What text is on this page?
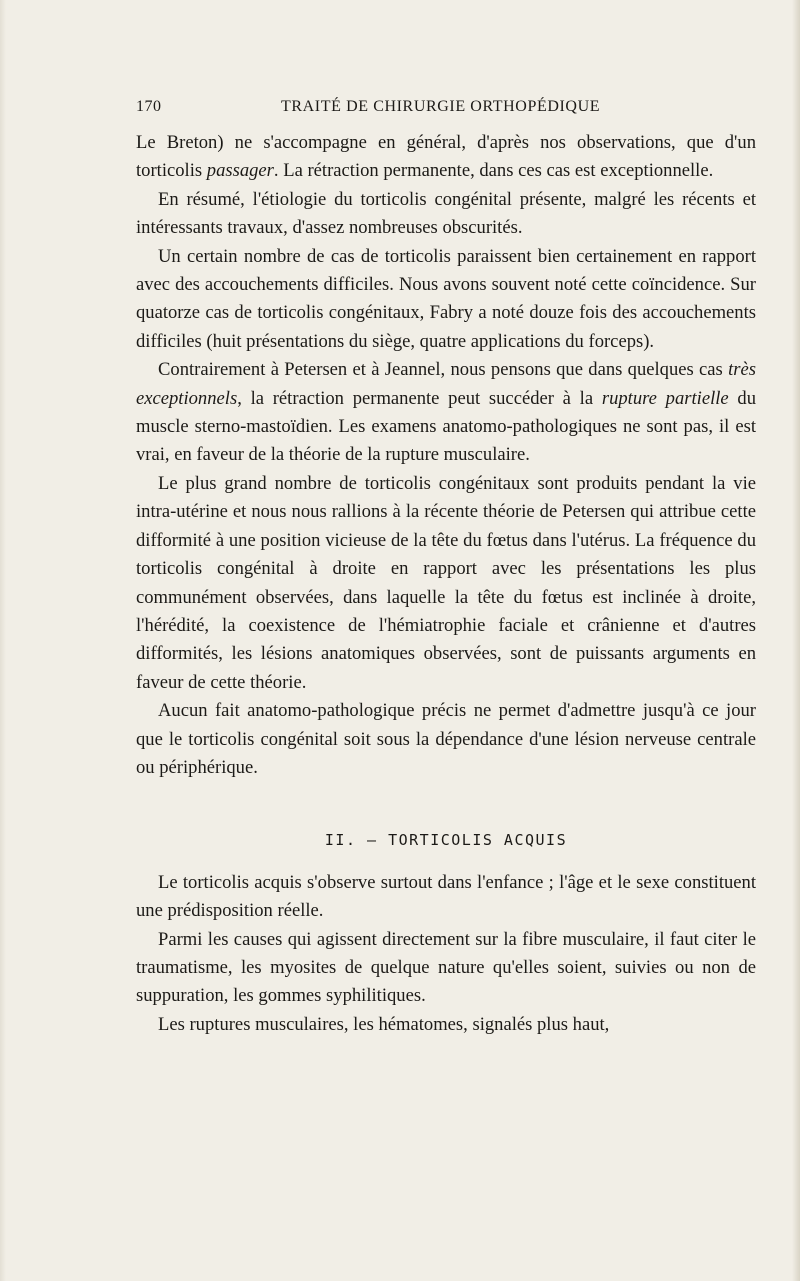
170	TRAITÉ DE CHIRURGIE ORTHOPÉDIQUE

Le Breton) ne s'accompagne en général, d'après nos observations, que d'un torticolis passager. La rétraction permanente, dans ces cas est exceptionnelle.

En résumé, l'étiologie du torticolis congénital présente, malgré les récents et intéressants travaux, d'assez nombreuses obscurités.

Un certain nombre de cas de torticolis paraissent bien certainement en rapport avec des accouchements difficiles. Nous avons souvent noté cette coïncidence. Sur quatorze cas de torticolis congénitaux, Fabry a noté douze fois des accouchements difficiles (huit présentations du siège, quatre applications du forceps).

Contrairement à Petersen et à Jeannel, nous pensons que dans quelques cas très exceptionnels, la rétraction permanente peut succéder à la rupture partielle du muscle sterno-mastoïdien. Les examens anatomo-pathologiques ne sont pas, il est vrai, en faveur de la théorie de la rupture musculaire.

Le plus grand nombre de torticolis congénitaux sont produits pendant la vie intra-utérine et nous nous rallions à la récente théorie de Petersen qui attribue cette difformité à une position vicieuse de la tête du fœtus dans l'utérus. La fréquence du torticolis congénital à droite en rapport avec les présentations les plus communément observées, dans laquelle la tête du fœtus est inclinée à droite, l'hérédité, la coexistence de l'hémiatrophie faciale et crânienne et d'autres difformités, les lésions anatomiques observées, sont de puissants arguments en faveur de cette théorie.

Aucun fait anatomo-pathologique précis ne permet d'admettre jusqu'à ce jour que le torticolis congénital soit sous la dépendance d'une lésion nerveuse centrale ou périphérique.

II. — TORTICOLIS ACQUIS

Le torticolis acquis s'observe surtout dans l'enfance ; l'âge et le sexe constituent une prédisposition réelle.

Parmi les causes qui agissent directement sur la fibre musculaire, il faut citer le traumatisme, les myosites de quelque nature qu'elles soient, suivies ou non de suppuration, les gommes syphilitiques.

Les ruptures musculaires, les hématomes, signalés plus haut,
